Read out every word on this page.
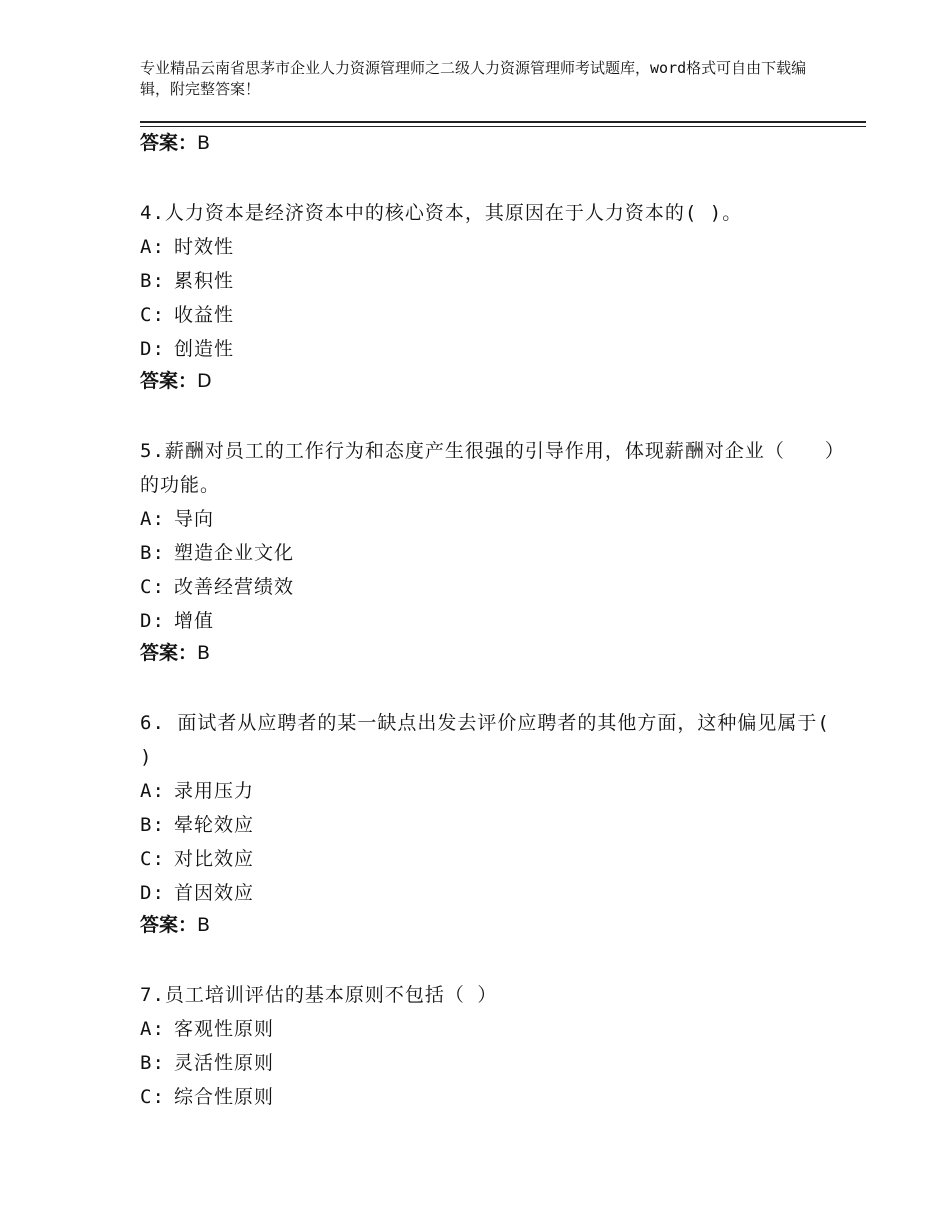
专业精品云南省思茅市企业人力资源管理师之二级人力资源管理师考试题库，word格式可自由下载编辑，附完整答案！
答案：B

4.人力资本是经济资本中的核心资本，其原因在于人力资本的( )。

A: 时效性

B: 累积性

C: 收益性

D: 创造性

答案：D

5.薪酬对员工的工作行为和态度产生很强的引导作用，体现薪酬对企业（　　）的功能。

A: 导向

B: 塑造企业文化

C: 改善经营绩效

D: 增值

答案：B

6. 面试者从应聘者的某一缺点出发去评价应聘者的其他方面，这种偏见属于( )

A: 录用压力

B: 晕轮效应

C: 对比效应

D: 首因效应

答案：B

7.员工培训评估的基本原则不包括（ ）

A: 客观性原则

B: 灵活性原则

C: 综合性原则
